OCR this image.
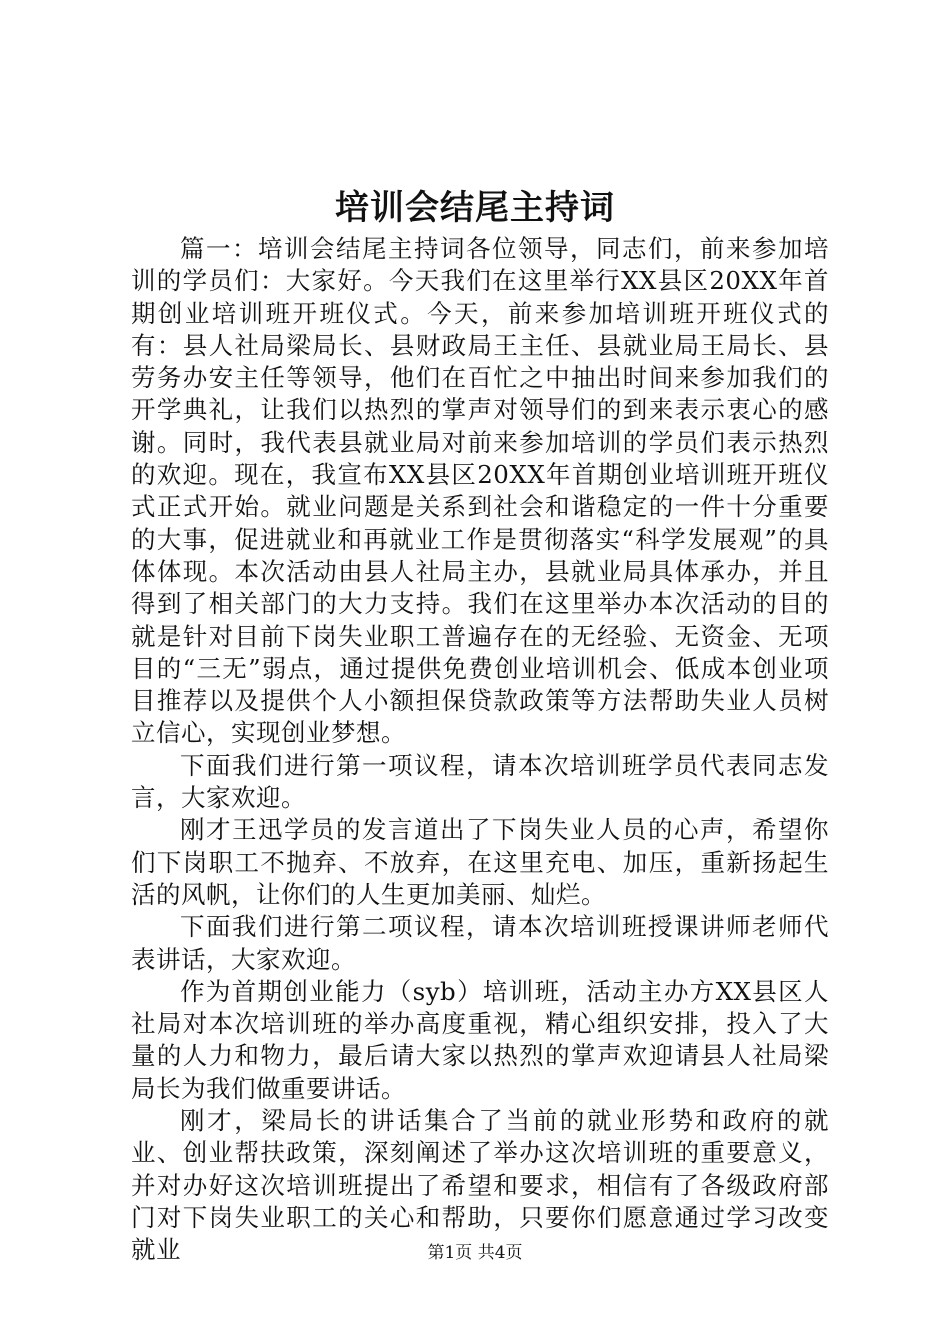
培训会结尾主持词

篇一：培训会结尾主持词各位领导，同志们，前来参加培训的学员们：大家好。今天我们在这里举行XX县区20XX年首期创业培训班开班仪式。今天，前来参加培训班开班仪式的有：县人社局梁局长、县财政局王主任、县就业局王局长、县劳务办安主任等领导，他们在百忙之中抽出时间来参加我们的开学典礼，让我们以热烈的掌声对领导们的到来表示衷心的感谢。同时，我代表县就业局对前来参加培训的学员们表示热烈的欢迎。现在，我宣布XX县区20XX年首期创业培训班开班仪式正式开始。就业问题是关系到社会和谐稳定的一件十分重要的大事，促进就业和再就业工作是贯彻落实“科学发展观”的具体体现。本次活动由县人社局主办，县就业局具体承办，并且得到了相关部门的大力支持。我们在这里举办本次活动的目的就是针对目前下岗失业职工普遍存在的无经验、无资金、无项目的“三无”弱点，通过提供免费创业培训机会、低成本创业项目推荐以及提供个人小额担保贷款政策等方法帮助失业人员树立信心，实现创业梦想。

下面我们进行第一项议程，请本次培训班学员代表同志发言，大家欢迎。

刚才王迅学员的发言道出了下岗失业人员的心声，希望你们下岗职工不抛弃、不放弃，在这里充电、加压，重新扬起生活的风帆，让你们的人生更加美丽、灿烂。

下面我们进行第二项议程，请本次培训班授课讲师老师代表讲话，大家欢迎。

作为首期创业能力（syb）培训班，活动主办方XX县区人社局对本次培训班的举办高度重视，精心组织安排，投入了大量的人力和物力，最后请大家以热烈的掌声欢迎请县人社局梁局长为我们做重要讲话。

刚才，梁局长的讲话集合了当前的就业形势和政府的就业、创业帮扶政策，深刻阐述了举办这次培训班的重要意义，并对办好这次培训班提出了希望和要求，相信有了各级政府部门对下岗失业职工的关心和帮助，只要你们愿意通过学习改变就业	第1页 共4页
